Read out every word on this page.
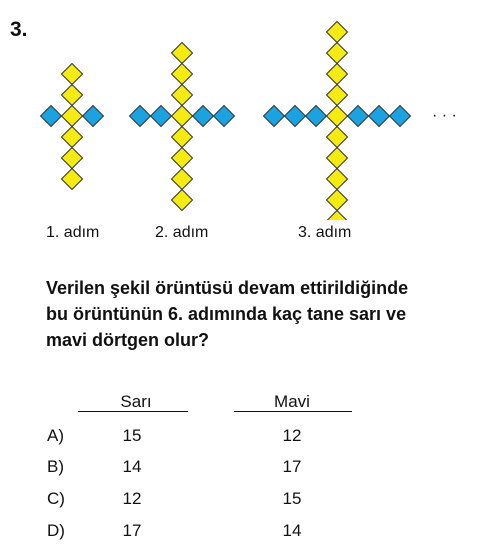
3.
· · ·
1. adım	2. adım	3. adım
Verilen şekil örüntüsü devam ettirildiğinde
bu örüntünün 6. adımında kaç tane sarı ve
mavi dörtgen olur?
Sarı	Mavi
A)	15	12
B)	14	17
C)	12	15
D)	17	14
